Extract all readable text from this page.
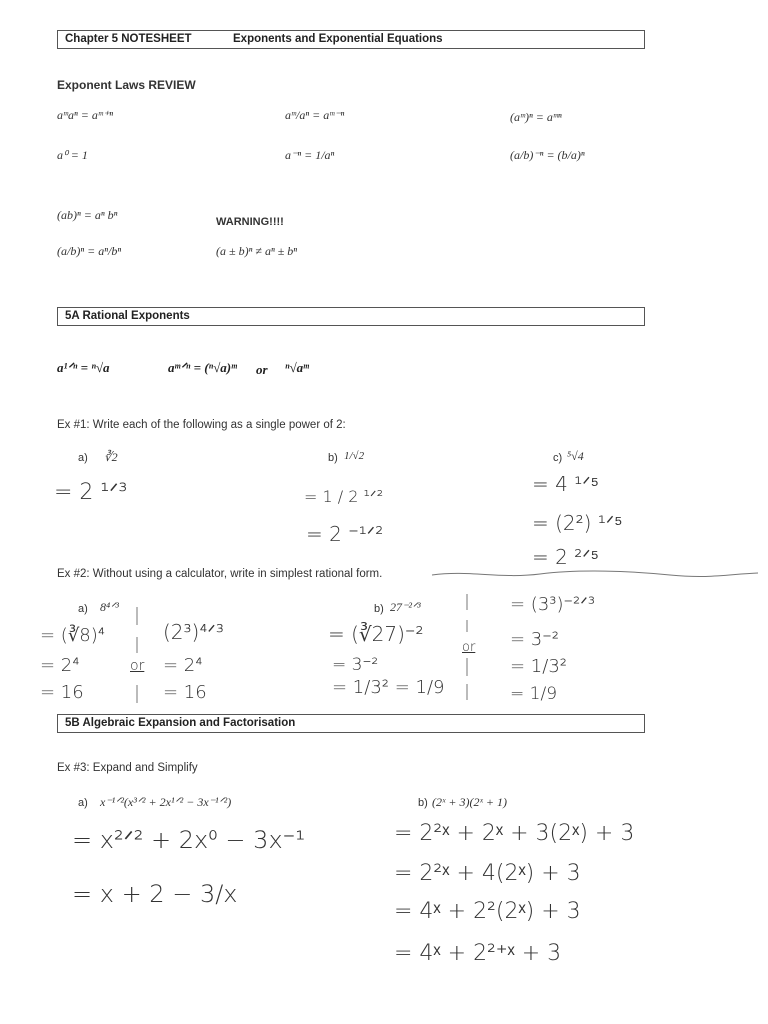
Chapter 5 NOTESHEET	Exponents and Exponential Equations
Exponent Laws REVIEW
aᵐaⁿ = aᵐ⁺ⁿ	aᵐ/aⁿ = aᵐ⁻ⁿ	(aᵐ)ⁿ = aᵐⁿ
a⁰ = 1	a⁻ⁿ = 1/aⁿ	(a/b)⁻ⁿ = (b/a)ⁿ
(ab)ⁿ = aⁿ bⁿ
(a/b)ⁿ = aⁿ/bⁿ
WARNING!!!!
(a ± b)ⁿ ≠ aⁿ ± bⁿ
5A Rational Exponents
a¹ᐟⁿ = ⁿ√a	aᵐᐟⁿ = (ⁿ√a)ᵐ or ⁿ√aᵐ
Ex #1: Write each of the following as a single power of 2:
a) ∛2
= 2 ¹ᐟ³
b) 1/√2
= 1 / 2 ¹ᐟ²
= 2 ⁻¹ᐟ²
c) ⁵√4
= 4 ¹ᐟ⁵
= (2²) ¹ᐟ⁵
= 2 ²ᐟ⁵
Ex #2: Without using a calculator, write in simplest rational form.
a) 8⁴ᐟ³
= (∛8)⁴
= 2⁴
= 16
or
(2³)⁴ᐟ³
= 2⁴
= 16
b) 27⁻²ᐟ³
= (∛27)⁻²
= 3⁻²
= 1/3² = 1/9
or
= (3³)⁻²ᐟ³
= 3⁻²
= 1/3²
= 1/9
5B Algebraic Expansion and Factorisation
Ex #3: Expand and Simplify
a) x⁻¹ᐟ²(x³ᐟ² + 2x¹ᐟ² − 3x⁻¹ᐟ²)
= x²ᐟ² + 2x⁰ − 3x⁻¹
= x + 2 − 3/x
b) (2ˣ + 3)(2ˣ + 1)
= 2²ˣ + 2ˣ + 3(2ˣ) + 3
= 2²ˣ + 4(2ˣ) + 3
= 4ˣ + 2²(2ˣ) + 3
= 4ˣ + 2²⁺ˣ + 3
